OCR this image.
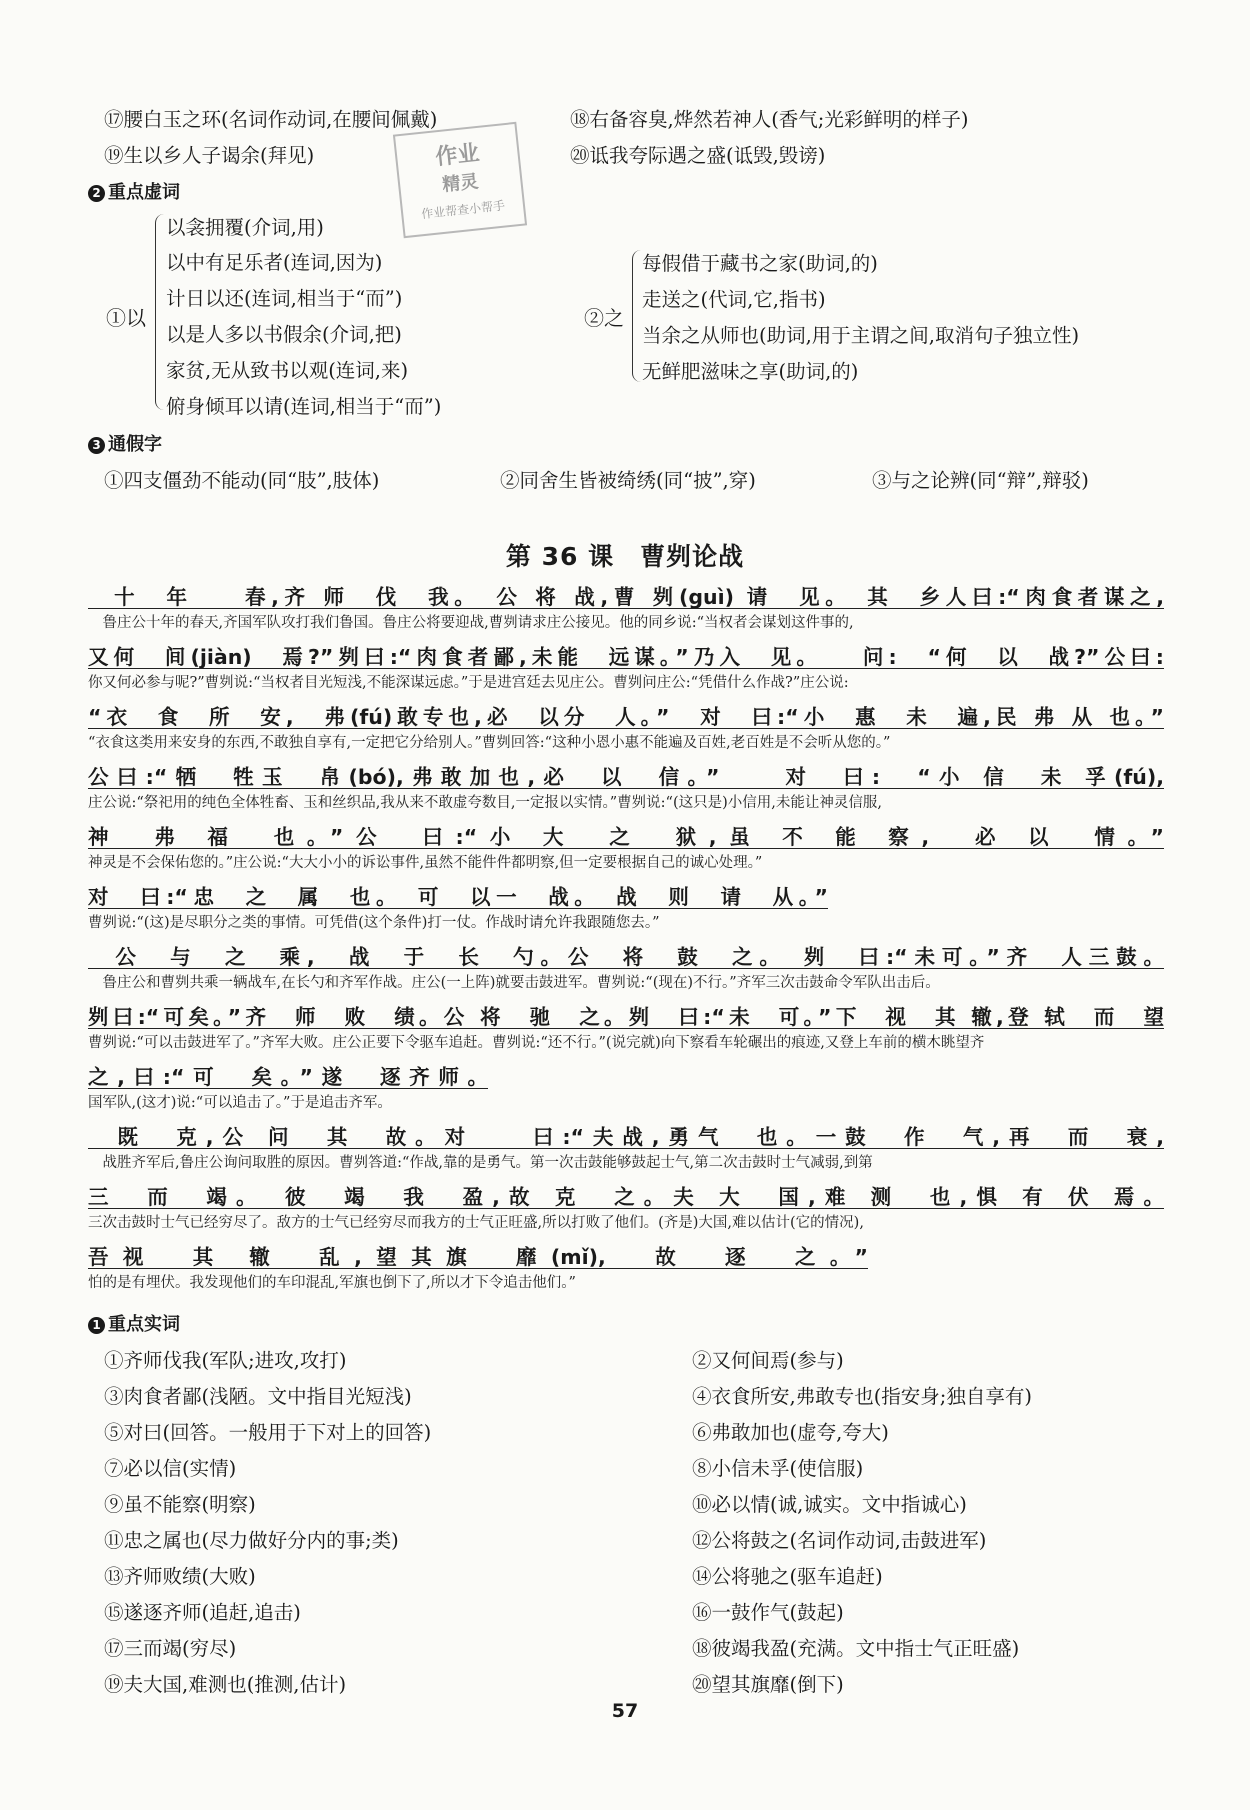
⑰腰白玉之环(名词作动词,在腰间佩戴)
⑲生以乡人子谒余(拜见)
⑱右备容臭,烨然若神人(香气;光彩鲜明的样子)
⑳诋我夸际遇之盛(诋毁,毁谤)
作业
精灵
作业帮查小帮手
2 重点虚词
①以
以衾拥覆(介词,用)
以中有足乐者(连词,因为)
计日以还(连词,相当于“而”)
以是人多以书假余(介词,把)
家贫,无从致书以观(连词,来)
俯身倾耳以请(连词,相当于“而”)
②之
每假借于藏书之家(助词,的)
走送之(代词,它,指书)
当余之从师也(助词,用于主谓之间,取消句子独立性)
无鲜肥滋味之享(助词,的)
3 通假字
①四支僵劲不能动(同“肢”,肢体)	②同舍生皆被绮绣(同“披”,穿)	③与之论辨(同“辩”,辩驳)
第 36 课　曹刿论战
　十　年　　春,齐 师　伐　我。　公 将 战,曹 刿(guì) 请　见。　其　乡人曰:“肉食者谋之,
　鲁庄公十年的春天,齐国军队攻打我们鲁国。鲁庄公将要迎战,曹刿请求庄公接见。他的同乡说:“当权者会谋划这件事的,
又何　间(jiàn)　焉?”刿曰:“肉食者鄙,未能　远谋。”乃入　见。　　问:　“何　以　战?”公曰:
你又何必参与呢?”曹刿说:“当权者目光短浅,不能深谋远虑。”于是进宫廷去见庄公。曹刿问庄公:“凭借什么作战?”庄公说:
“衣　食　所　安,　弗(fú)敢专也,必　以分　人。”　对　曰:“小　惠　未　遍,民 弗 从 也。”
“衣食这类用来安身的东西,不敢独自享有,一定把它分给别人。”曹刿回答:“这种小恩小惠不能遍及百姓,老百姓是不会听从您的。”
公曰:“牺　牲玉　帛(bó),弗敢加也,必　以　信。”　　对　曰:　“小 信　未 孚(fú),
庄公说:“祭祀用的纯色全体牲畜、玉和丝织品,我从来不敢虚夸数目,一定报以实情。”曹刿说:“(这只是)小信用,未能让神灵信服,
神　弗 福　也。”公　曰:“小 大　之　狱,虽 不 能 察,　必 以　情。”
神灵是不会保佑您的。”庄公说:“大大小小的诉讼事件,虽然不能件件都明察,但一定要根据自己的诚心处理。”
对　曰:“忠　之　属　也。　可　以一　战。　战　则　请　从。”
曹刿说:“(这)是尽职分之类的事情。可凭借(这个条件)打一仗。作战时请允许我跟随您去。”
　公　与　之　乘,　战　于　长　勺。公　将　鼓　之。　刿　曰:“未可。”齐　人三鼓。
　鲁庄公和曹刿共乘一辆战车,在长勺和齐军作战。庄公(一上阵)就要击鼓进军。曹刿说:“(现在)不行。”齐军三次击鼓命令军队出击后。
刿曰:“可矣。”齐　师　败　绩。公 将　驰　之。刿　曰:“未　可。”下　视　其 辙,登 轼　而　望
曹刿说:“可以击鼓进军了。”齐军大败。庄公正要下令驱车追赶。曹刿说:“还不行。”(说完就)向下察看车轮碾出的痕迹,又登上车前的横木眺望齐
之,曰:“可　矣。”遂　逐齐师。
国军队,(这才)说:“可以追击了。”于是追击齐军。
　既　克,公 问　其　故。对　　曰:“夫战,勇气　也。一鼓　作　气,再　而　衰,
　战胜齐军后,鲁庄公询问取胜的原因。曹刿答道:“作战,靠的是勇气。第一次击鼓能够鼓起士气,第二次击鼓时士气减弱,到第
三　而　竭。　彼　竭　我　盈,故 克　之。夫 大　国,难 测　也,惧 有 伏 焉。
三次击鼓时士气已经穷尽了。敌方的士气已经穷尽而我方的士气正旺盛,所以打败了他们。(齐是)大国,难以估计(它的情况),
吾视　其 辙　乱,望其旗　靡(mǐ),　故　逐　之。”
怕的是有埋伏。我发现他们的车印混乱,军旗也倒下了,所以才下令追击他们。”
1 重点实词
①齐师伐我(军队;进攻,攻打)
③肉食者鄙(浅陋。文中指目光短浅)
⑤对曰(回答。一般用于下对上的回答)
⑦必以信(实情)
⑨虽不能察(明察)
⑪忠之属也(尽力做好分内的事;类)
⑬齐师败绩(大败)
⑮遂逐齐师(追赶,追击)
⑰三而竭(穷尽)
⑲夫大国,难测也(推测,估计)
②又何间焉(参与)
④衣食所安,弗敢专也(指安身;独自享有)
⑥弗敢加也(虚夸,夸大)
⑧小信未孚(使信服)
⑩必以情(诚,诚实。文中指诚心)
⑫公将鼓之(名词作动词,击鼓进军)
⑭公将驰之(驱车追赶)
⑯一鼓作气(鼓起)
⑱彼竭我盈(充满。文中指士气正旺盛)
⑳望其旗靡(倒下)
57
